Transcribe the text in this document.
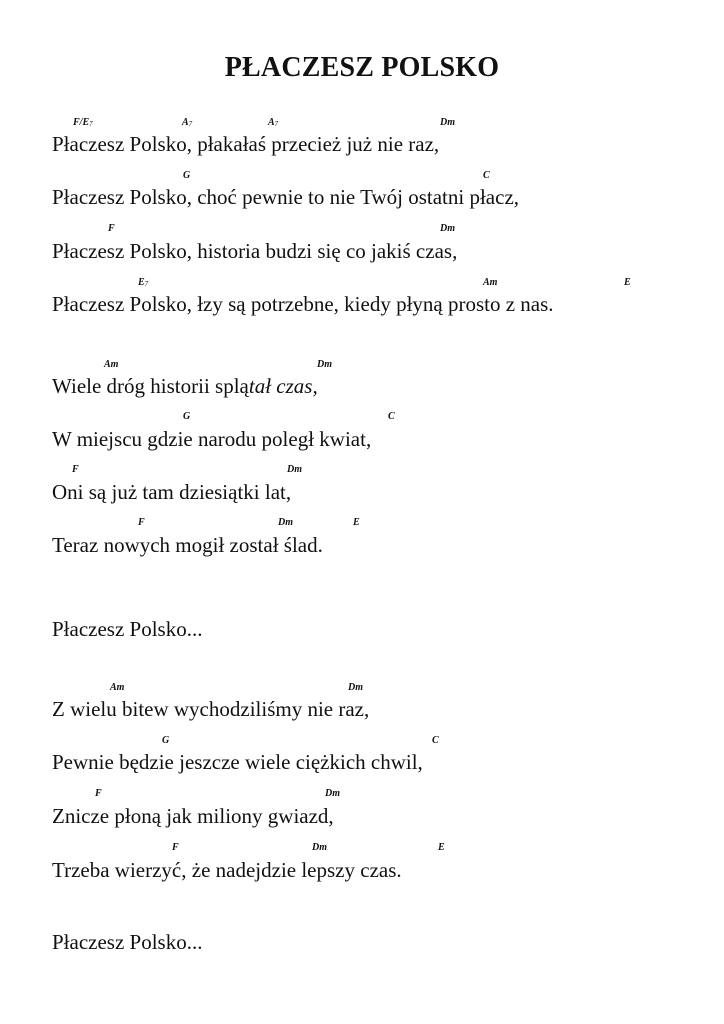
PŁACZESZ POLSKO
$F/E_7$	$A_7$	$A_7$	Dm
Płaczesz Polsko, płakałaś przecież już nie raz,
G	C
Płaczesz Polsko, choć pewnie to nie Twój ostatni płacz,
F	Dm
Płaczesz Polsko, historia budzi się co jakiś czas,
$E_7$	Am	E
Płaczesz Polsko, łzy są potrzebne, kiedy płyną prosto z nas.
Am	Dm
Wiele dróg historii splątał czas,
G	C
W miejscu gdzie narodu poległ kwiat,
F	Dm
Oni są już tam dziesiątki lat,
F	Dm	E
Teraz nowych mogił został ślad.
Płaczesz Polsko...
Am	Dm
Z wielu bitew wychodziliśmy nie raz,
G	C
Pewnie będzie jeszcze wiele ciężkich chwil,
F	Dm
Znicze płoną jak miliony gwiazd,
F	Dm	E
Trzeba wierzyć, że nadejdzie lepszy czas.
Płaczesz Polsko...
